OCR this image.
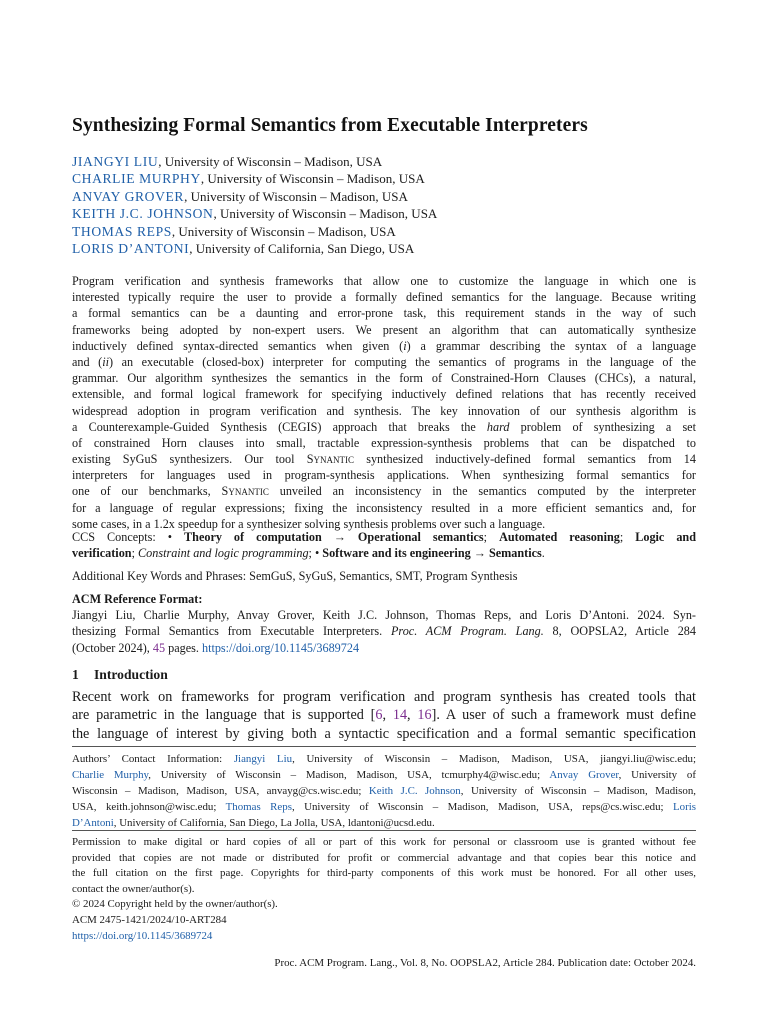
Synthesizing Formal Semantics from Executable Interpreters
JIANGYI LIU, University of Wisconsin – Madison, USA
CHARLIE MURPHY, University of Wisconsin – Madison, USA
ANVAY GROVER, University of Wisconsin – Madison, USA
KEITH J.C. JOHNSON, University of Wisconsin – Madison, USA
THOMAS REPS, University of Wisconsin – Madison, USA
LORIS D’ANTONI, University of California, San Diego, USA
Program verification and synthesis frameworks that allow one to customize the language in which one is
interested typically require the user to provide a formally defined semantics for the language. Because writing
a formal semantics can be a daunting and error-prone task, this requirement stands in the way of such
frameworks being adopted by non-expert users. We present an algorithm that can automatically synthesize
inductively defined syntax-directed semantics when given (i) a grammar describing the syntax of a language
and (ii) an executable (closed-box) interpreter for computing the semantics of programs in the language of the
grammar. Our algorithm synthesizes the semantics in the form of Constrained-Horn Clauses (CHCs), a natural,
extensible, and formal logical framework for specifying inductively defined relations that has recently received
widespread adoption in program verification and synthesis. The key innovation of our synthesis algorithm is
a Counterexample-Guided Synthesis (CEGIS) approach that breaks the hard problem of synthesizing a set
of constrained Horn clauses into small, tractable expression-synthesis problems that can be dispatched to
existing SyGuS synthesizers. Our tool Synantic synthesized inductively-defined formal semantics from 14
interpreters for languages used in program-synthesis applications. When synthesizing formal semantics for
one of our benchmarks, Synantic unveiled an inconsistency in the semantics computed by the interpreter
for a language of regular expressions; fixing the inconsistency resulted in a more efficient semantics and, for
some cases, in a 1.2x speedup for a synthesizer solving synthesis problems over such a language.
CCS Concepts: • Theory of computation → Operational semantics; Automated reasoning; Logic and
verification; Constraint and logic programming; • Software and its engineering → Semantics.
Additional Key Words and Phrases: SemGuS, SyGuS, Semantics, SMT, Program Synthesis
ACM Reference Format:
Jiangyi Liu, Charlie Murphy, Anvay Grover, Keith J.C. Johnson, Thomas Reps, and Loris D’Antoni. 2024. Syn-
thesizing Formal Semantics from Executable Interpreters. Proc. ACM Program. Lang. 8, OOPSLA2, Article 284
(October 2024), 45 pages. https://doi.org/10.1145/3689724
1 Introduction
Recent work on frameworks for program verification and program synthesis has created tools that
are parametric in the language that is supported [6, 14, 16]. A user of such a framework must define
the language of interest by giving both a syntactic specification and a formal semantic specification
Authors’ Contact Information: Jiangyi Liu, University of Wisconsin – Madison, Madison, USA, jiangyi.liu@wisc.edu;
Charlie Murphy, University of Wisconsin – Madison, Madison, USA, tcmurphy4@wisc.edu; Anvay Grover, University of
Wisconsin – Madison, Madison, USA, anvayg@cs.wisc.edu; Keith J.C. Johnson, University of Wisconsin – Madison, Madison,
USA, keith.johnson@wisc.edu; Thomas Reps, University of Wisconsin – Madison, Madison, USA, reps@cs.wisc.edu; Loris
D’Antoni, University of California, San Diego, La Jolla, USA, ldantoni@ucsd.edu.
Permission to make digital or hard copies of all or part of this work for personal or classroom use is granted without fee
provided that copies are not made or distributed for profit or commercial advantage and that copies bear this notice and
the full citation on the first page. Copyrights for third-party components of this work must be honored. For all other uses,
contact the owner/author(s).
© 2024 Copyright held by the owner/author(s).
ACM 2475-1421/2024/10-ART284
https://doi.org/10.1145/3689724
Proc. ACM Program. Lang., Vol. 8, No. OOPSLA2, Article 284. Publication date: October 2024.
